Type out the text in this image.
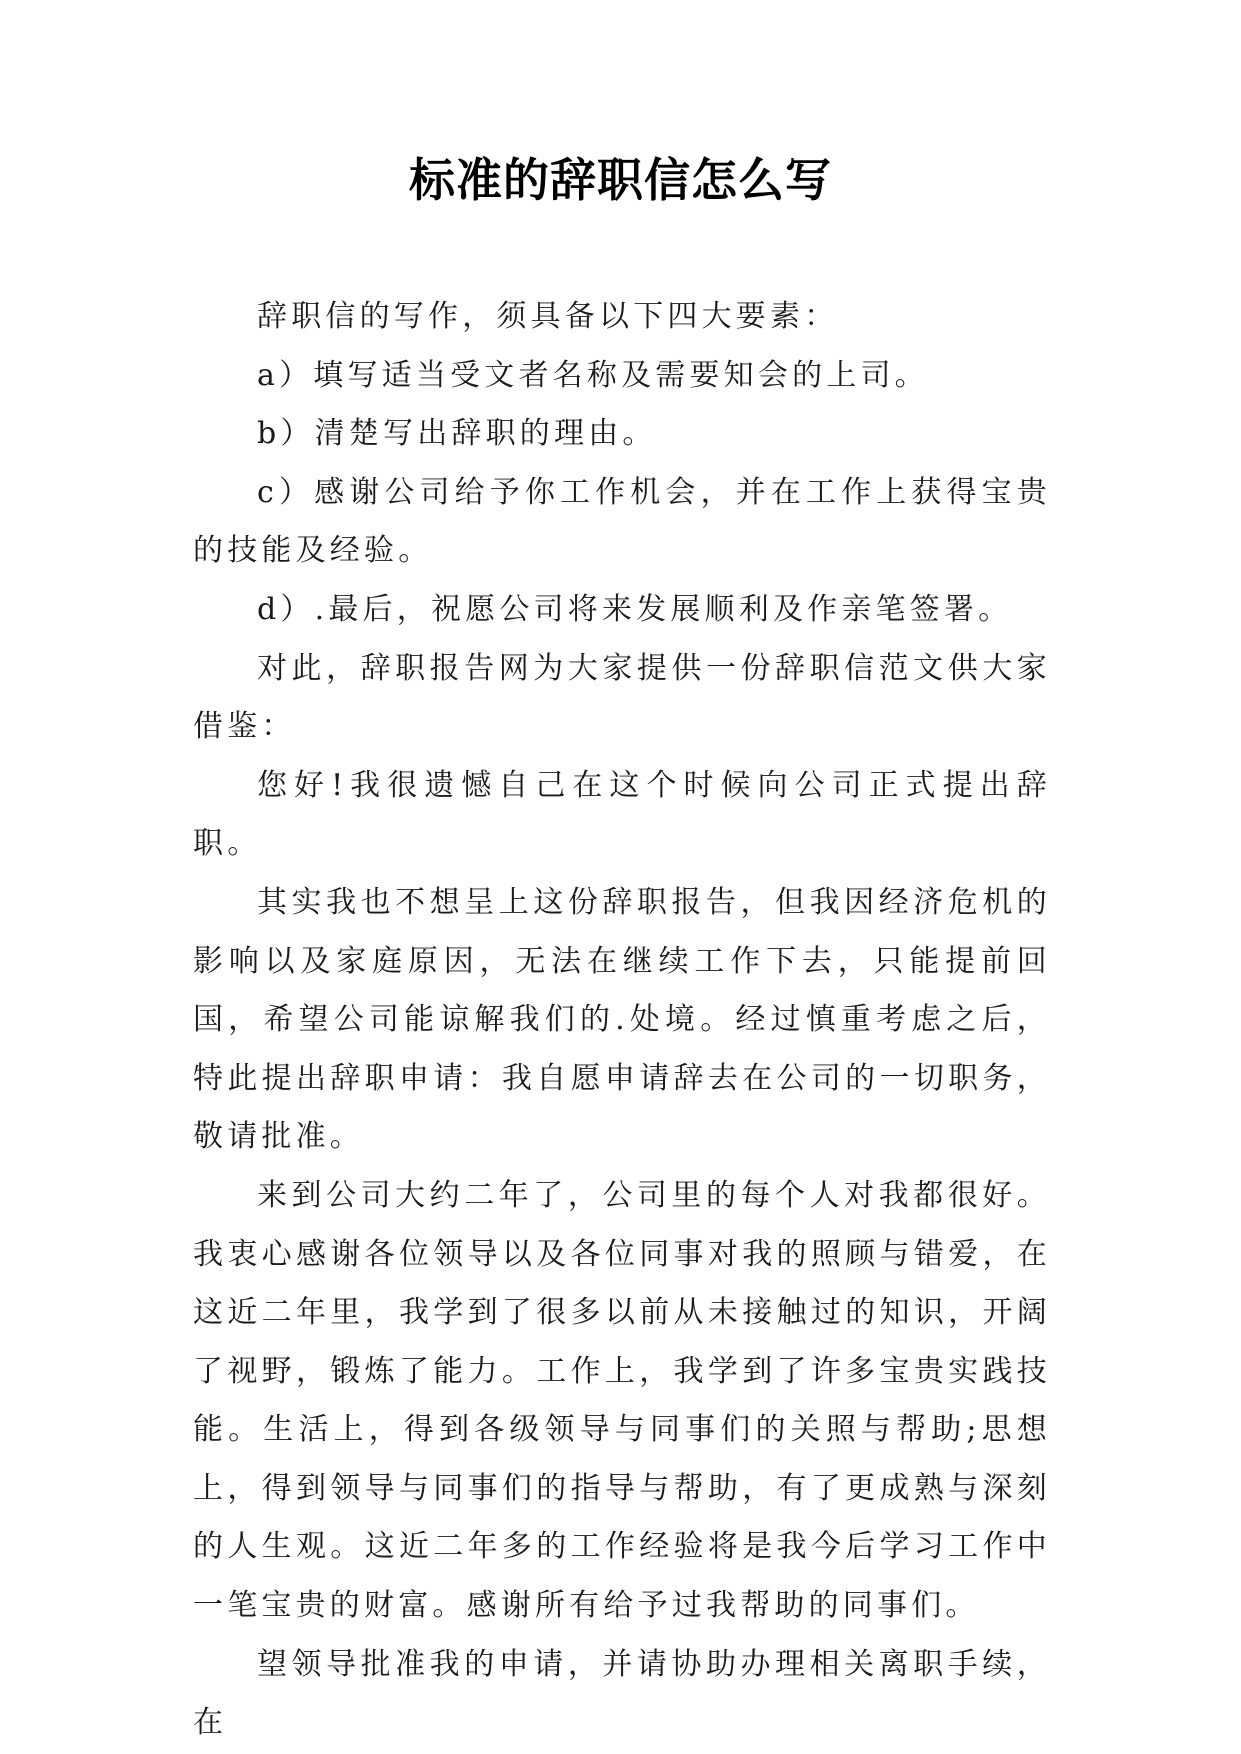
标准的辞职信怎么写

辞职信的写作，须具备以下四大要素：

a）填写适当受文者名称及需要知会的上司。

b）清楚写出辞职的理由。

c）感谢公司给予你工作机会，并在工作上获得宝贵的技能及经验。

d）.最后，祝愿公司将来发展顺利及作亲笔签署。

对此，辞职报告网为大家提供一份辞职信范文供大家借鉴：

您好!我很遗憾自己在这个时候向公司正式提出辞职。

其实我也不想呈上这份辞职报告，但我因经济危机的影响以及家庭原因，无法在继续工作下去，只能提前回国，希望公司能谅解我们的.处境。经过慎重考虑之后，特此提出辞职申请：我自愿申请辞去在公司的一切职务，敬请批准。

来到公司大约二年了，公司里的每个人对我都很好。我衷心感谢各位领导以及各位同事对我的照顾与错爱，在这近二年里，我学到了很多以前从未接触过的知识，开阔了视野，锻炼了能力。工作上，我学到了许多宝贵实践技能。生活上，得到各级领导与同事们的关照与帮助;思想上，得到领导与同事们的指导与帮助，有了更成熟与深刻的人生观。这近二年多的工作经验将是我今后学习工作中一笔宝贵的财富。感谢所有给予过我帮助的同事们。

望领导批准我的申请，并请协助办理相关离职手续，在
